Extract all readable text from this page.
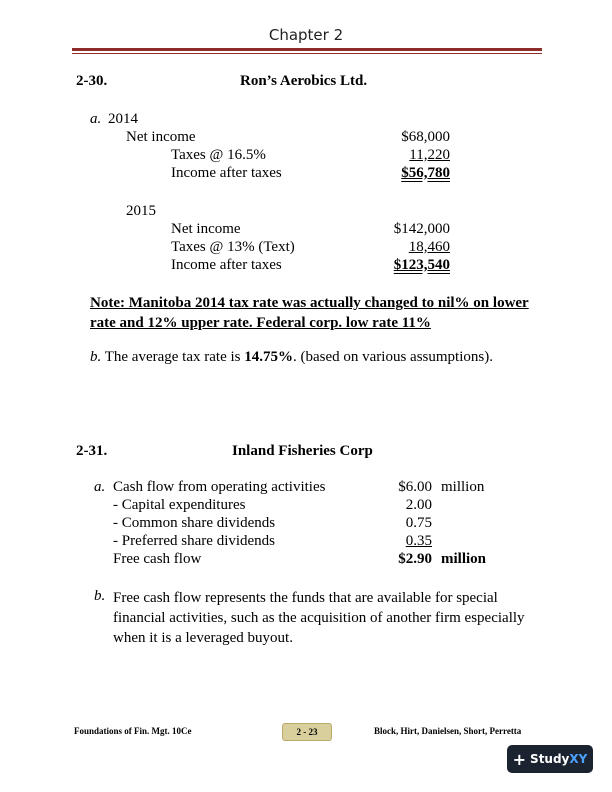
Chapter 2
2-30.	Ron’s Aerobics Ltd.
a. 2014
Net income	$68,000
Taxes @ 16.5%	11,220
Income after taxes	$56,780
2015
Net income	$142,000
Taxes @ 13% (Text)	18,460
Income after taxes	$123,540
Note: Manitoba 2014 tax rate was actually changed to nil% on lower rate and 12% upper rate. Federal corp. low rate 11%
b. The average tax rate is 14.75%. (based on various assumptions).
2-31.	Inland Fisheries Corp
a. Cash flow from operating activities	$6.00 million
- Capital expenditures	2.00
- Common share dividends	0.75
- Preferred share dividends	0.35
Free cash flow	$2.90 million
b. Free cash flow represents the funds that are available for special financial activities, such as the acquisition of another firm especially when it is a leveraged buyout.
Foundations of Fin. Mgt. 10Ce	2 - 23	Block, Hirt, Danielsen, Short, Perretta
+ StudyXY
